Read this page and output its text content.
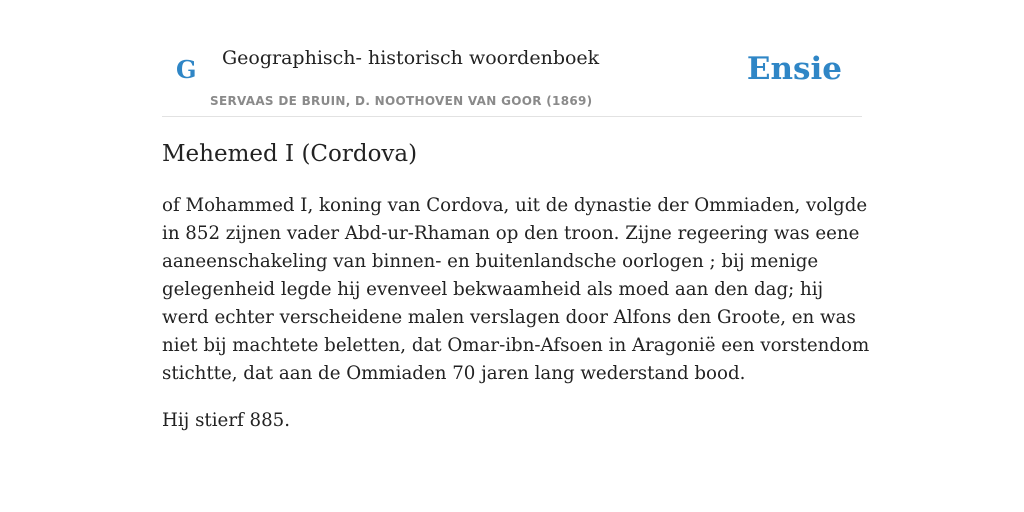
G Geographisch- historisch woordenboek
SERVAAS DE BRUIN, D. NOOTHOVEN VAN GOOR (1869)
Ensie
Mehemed I (Cordova)

of Mohammed I, koning van Cordova, uit de dynastie der Ommiaden, volgde in 852 zijnen vader Abd-ur-Rhaman op den troon. Zijne regeering was eene aaneenschakeling van binnen- en buitenlandsche oorlogen ; bij menige gelegenheid legde hij evenveel bekwaamheid als moed aan den dag; hij werd echter verscheidene malen verslagen door Alfons den Groote, en was niet bij machtete beletten, dat Omar-ibn-Afsoen in Aragonië een vorstendom stichtte, dat aan de Ommiaden 70 jaren lang wederstand bood.

Hij stierf 885.
